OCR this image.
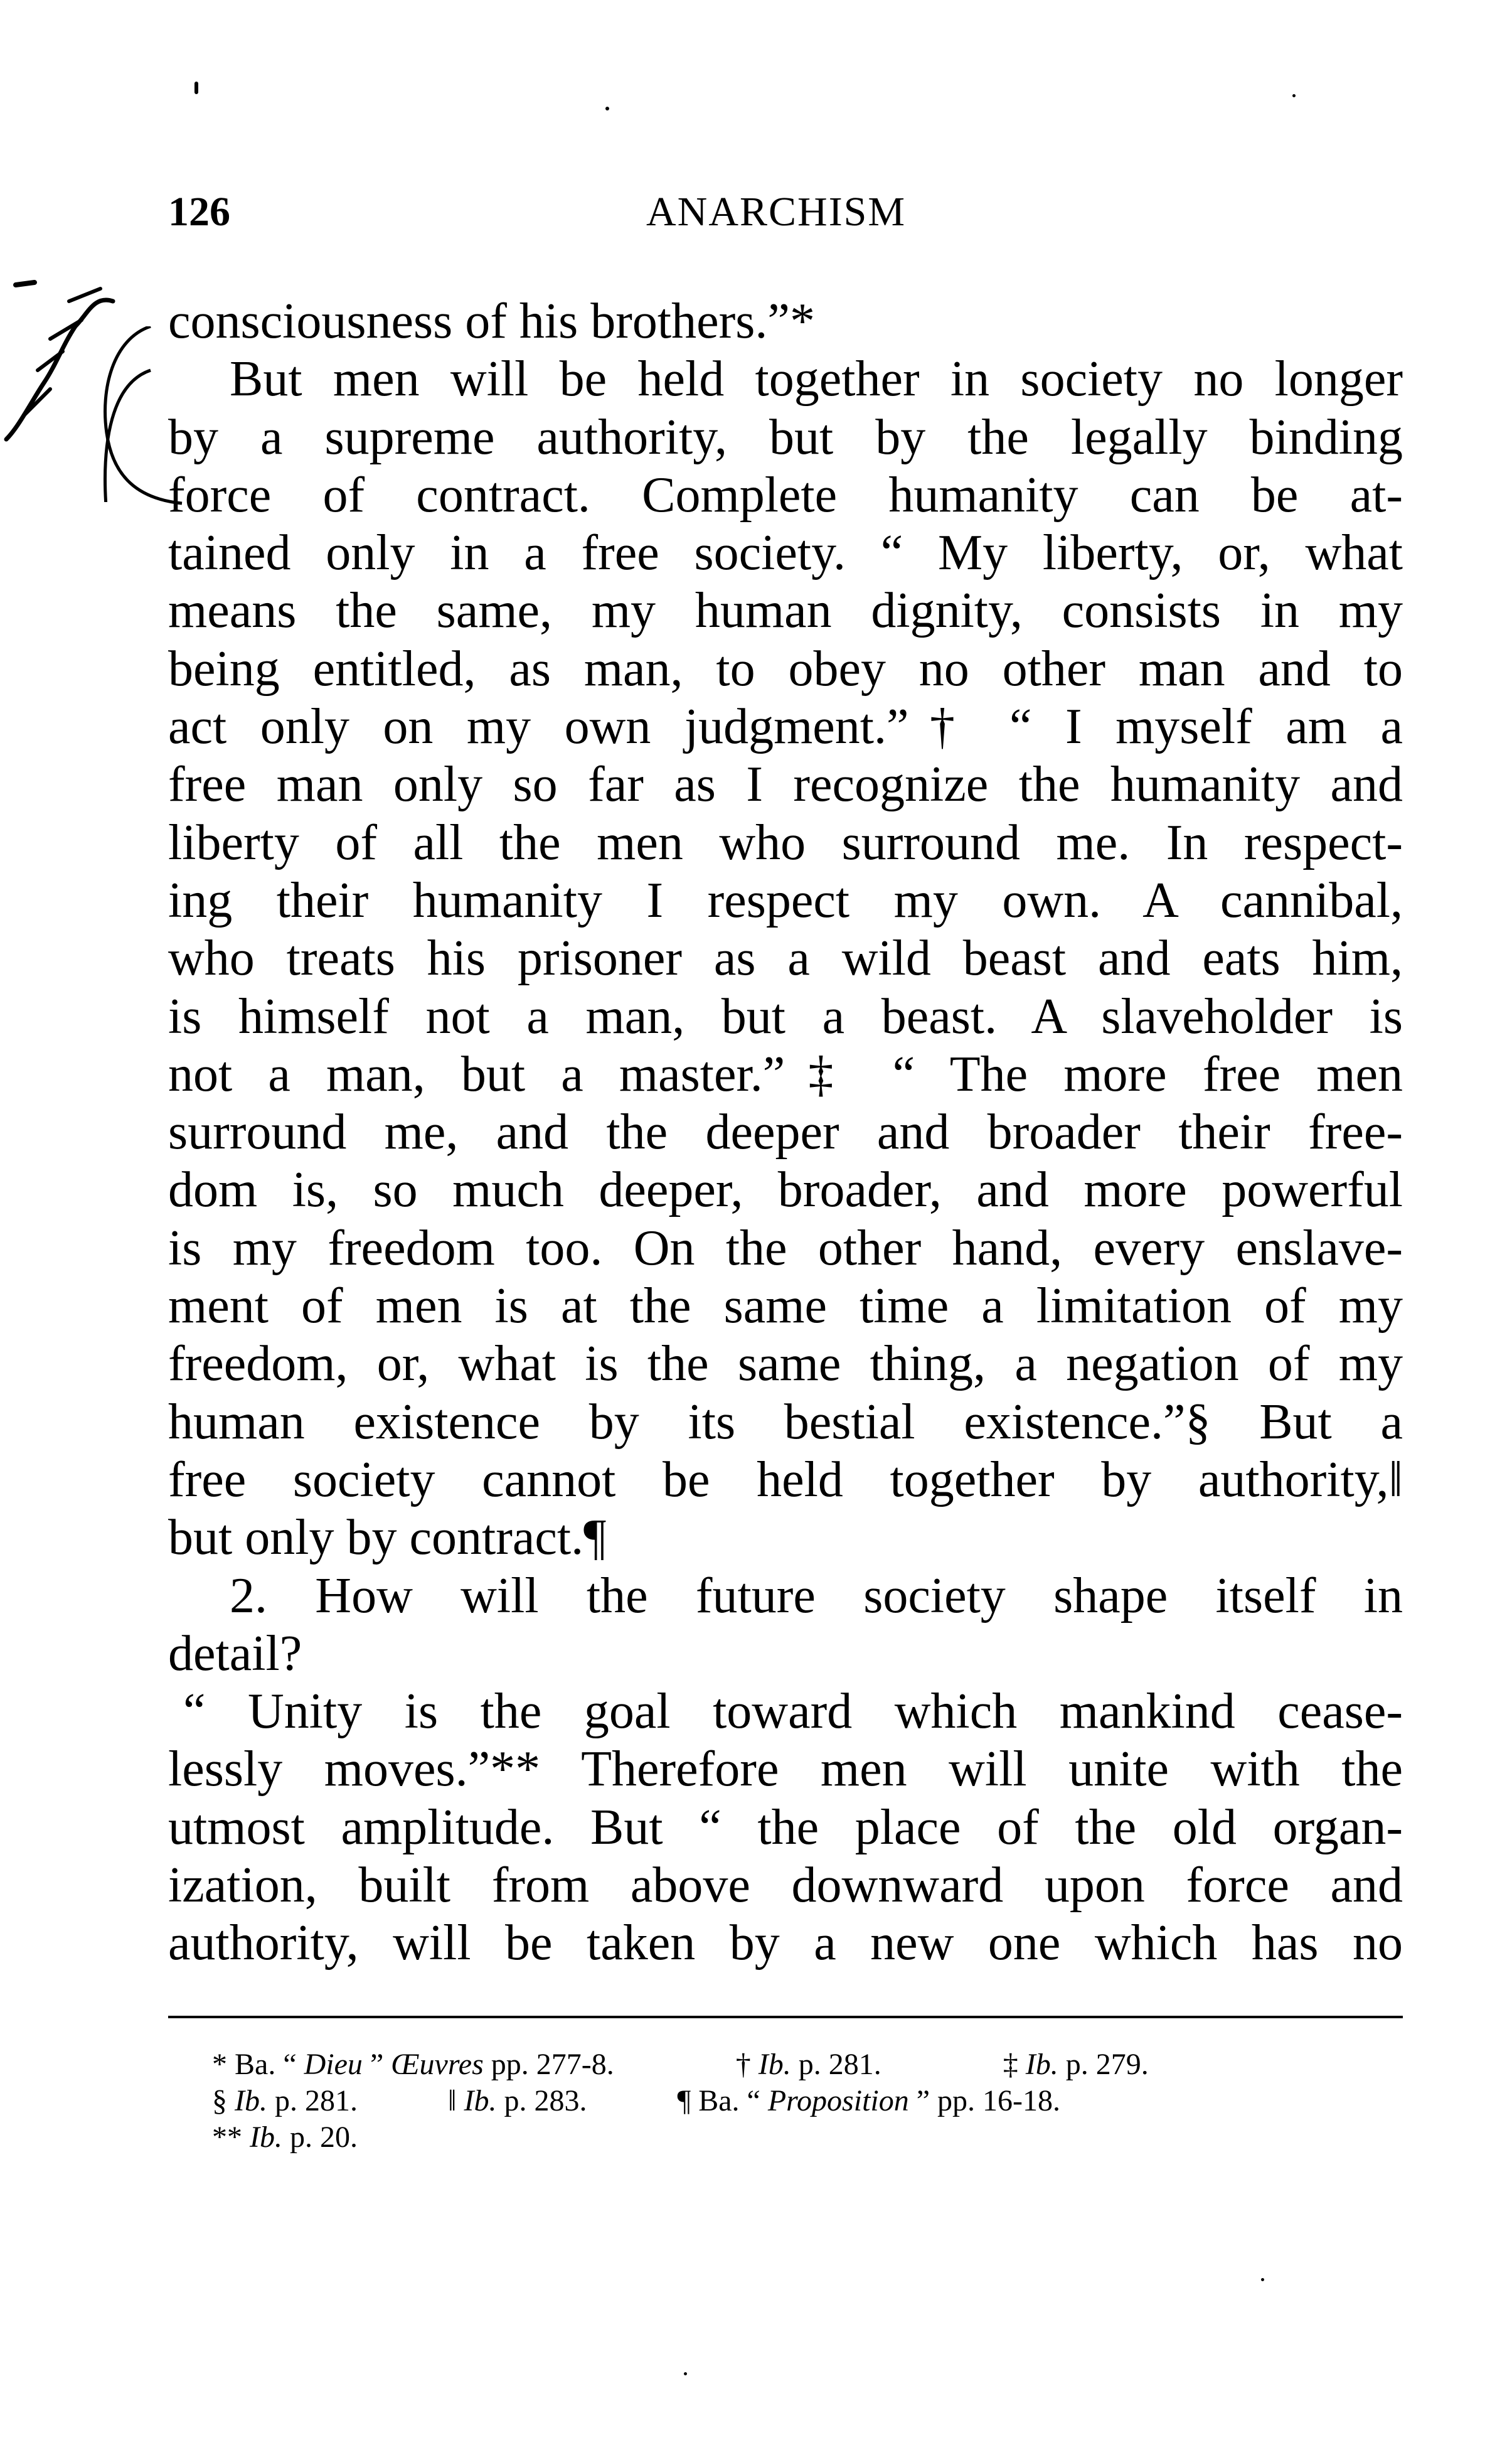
126	ANARCHISM
consciousness of his brothers.”*
But men will be held together in society no longer
by a supreme authority, but by the legally binding
force of contract. Complete humanity can be at-
tained only in a free society. “ My liberty, or, what
means the same, my human dignity, consists in my
being entitled, as man, to obey no other man and to
act only on my own judgment.”† “ I myself am a
free man only so far as I recognize the humanity and
liberty of all the men who surround me. In respect-
ing their humanity I respect my own. A cannibal,
who treats his prisoner as a wild beast and eats him,
is himself not a man, but a beast. A slaveholder is
not a man, but a master.”‡ “ The more free men
surround me, and the deeper and broader their free-
dom is, so much deeper, broader, and more powerful
is my freedom too. On the other hand, every enslave-
ment of men is at the same time a limitation of my
freedom, or, what is the same thing, a negation of my
human existence by its bestial existence.”§ But a
free society cannot be held together by authority,‖
but only by contract.¶
2. How will the future society shape itself in
detail?
“ Unity is the goal toward which mankind cease-
lessly moves.”** Therefore men will unite with the
utmost amplitude. But “ the place of the old organ-
ization, built from above downward upon force and
authority, will be taken by a new one which has no
* Ba. “ Dieu ” Œuvres pp. 277-8.	† Ib. p. 281.	‡ Ib. p. 279.
§ Ib. p. 281.	‖ Ib. p. 283.	¶ Ba. “ Proposition ” pp. 16-18.
** Ib. p. 20.
